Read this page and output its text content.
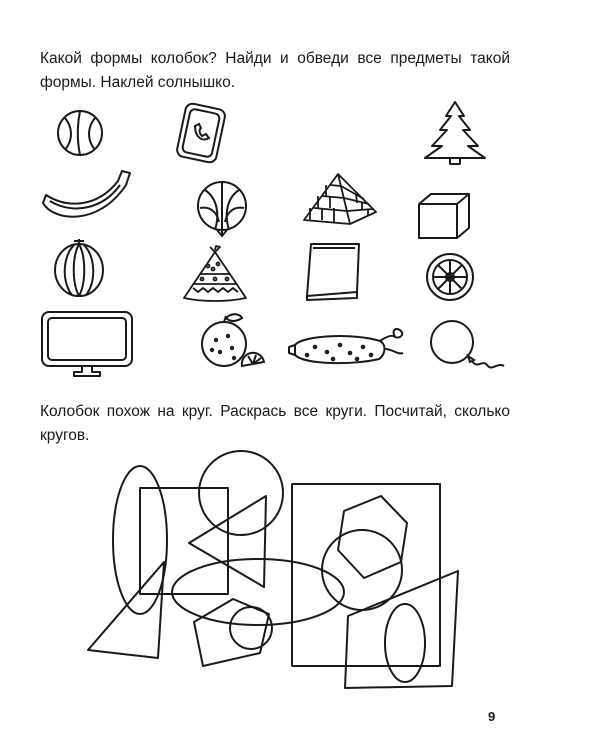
Какой формы колобок? Найди и обведи все предметы такой формы. Наклей солнышко.

Колобок похож на круг. Раскрась все круги. Посчитай, сколько кругов.

9
